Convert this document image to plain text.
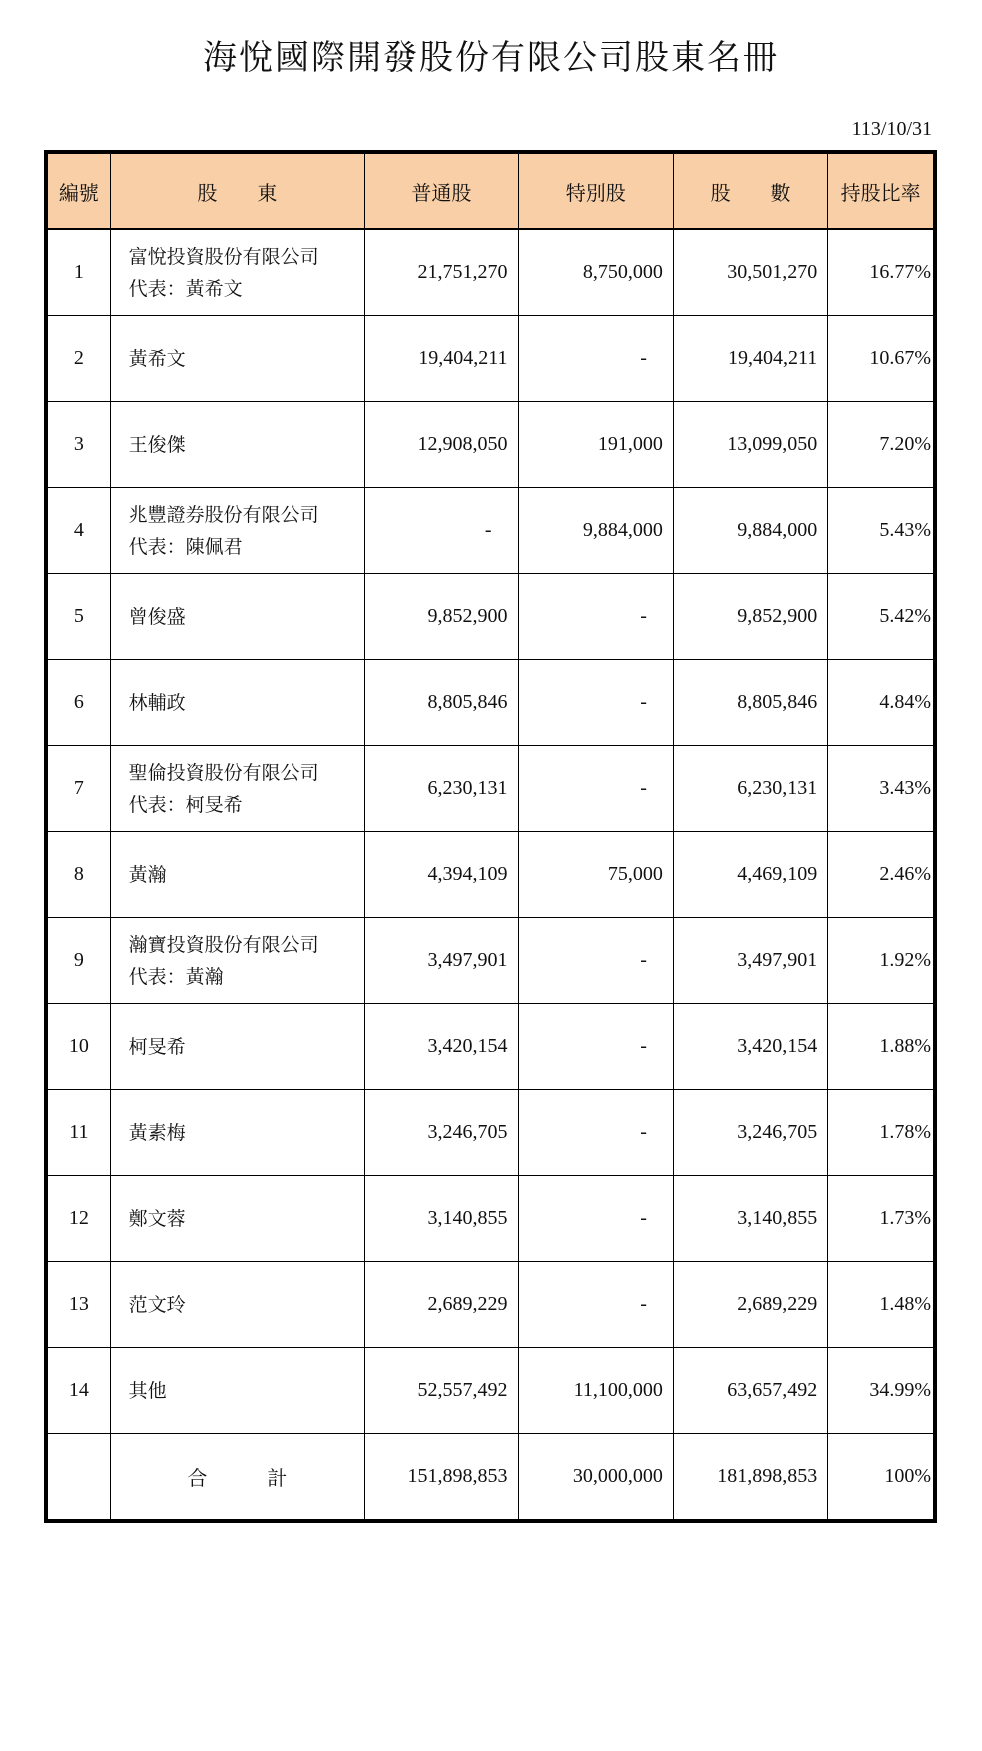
海悅國際開發股份有限公司股東名冊
113/10/31
編號	股　　東	普通股	特別股	股　　數	持股比率
1	富悅投資股份有限公司
代表：黃希文	21,751,270	8,750,000	30,501,270	16.77%
2	黃希文	19,404,211	-	19,404,211	10.67%
3	王俊傑	12,908,050	191,000	13,099,050	7.20%
4	兆豐證券股份有限公司
代表：陳佩君	-	9,884,000	9,884,000	5.43%
5	曾俊盛	9,852,900	-	9,852,900	5.42%
6	林輔政	8,805,846	-	8,805,846	4.84%
7	聖倫投資股份有限公司
代表：柯旻希	6,230,131	-	6,230,131	3.43%
8	黃瀚	4,394,109	75,000	4,469,109	2.46%
9	瀚寶投資股份有限公司
代表：黃瀚	3,497,901	-	3,497,901	1.92%
10	柯旻希	3,420,154	-	3,420,154	1.88%
11	黃素梅	3,246,705	-	3,246,705	1.78%
12	鄭文蓉	3,140,855	-	3,140,855	1.73%
13	范文玲	2,689,229	-	2,689,229	1.48%
14	其他	52,557,492	11,100,000	63,657,492	34.99%
	合　　　計	151,898,853	30,000,000	181,898,853	100%
